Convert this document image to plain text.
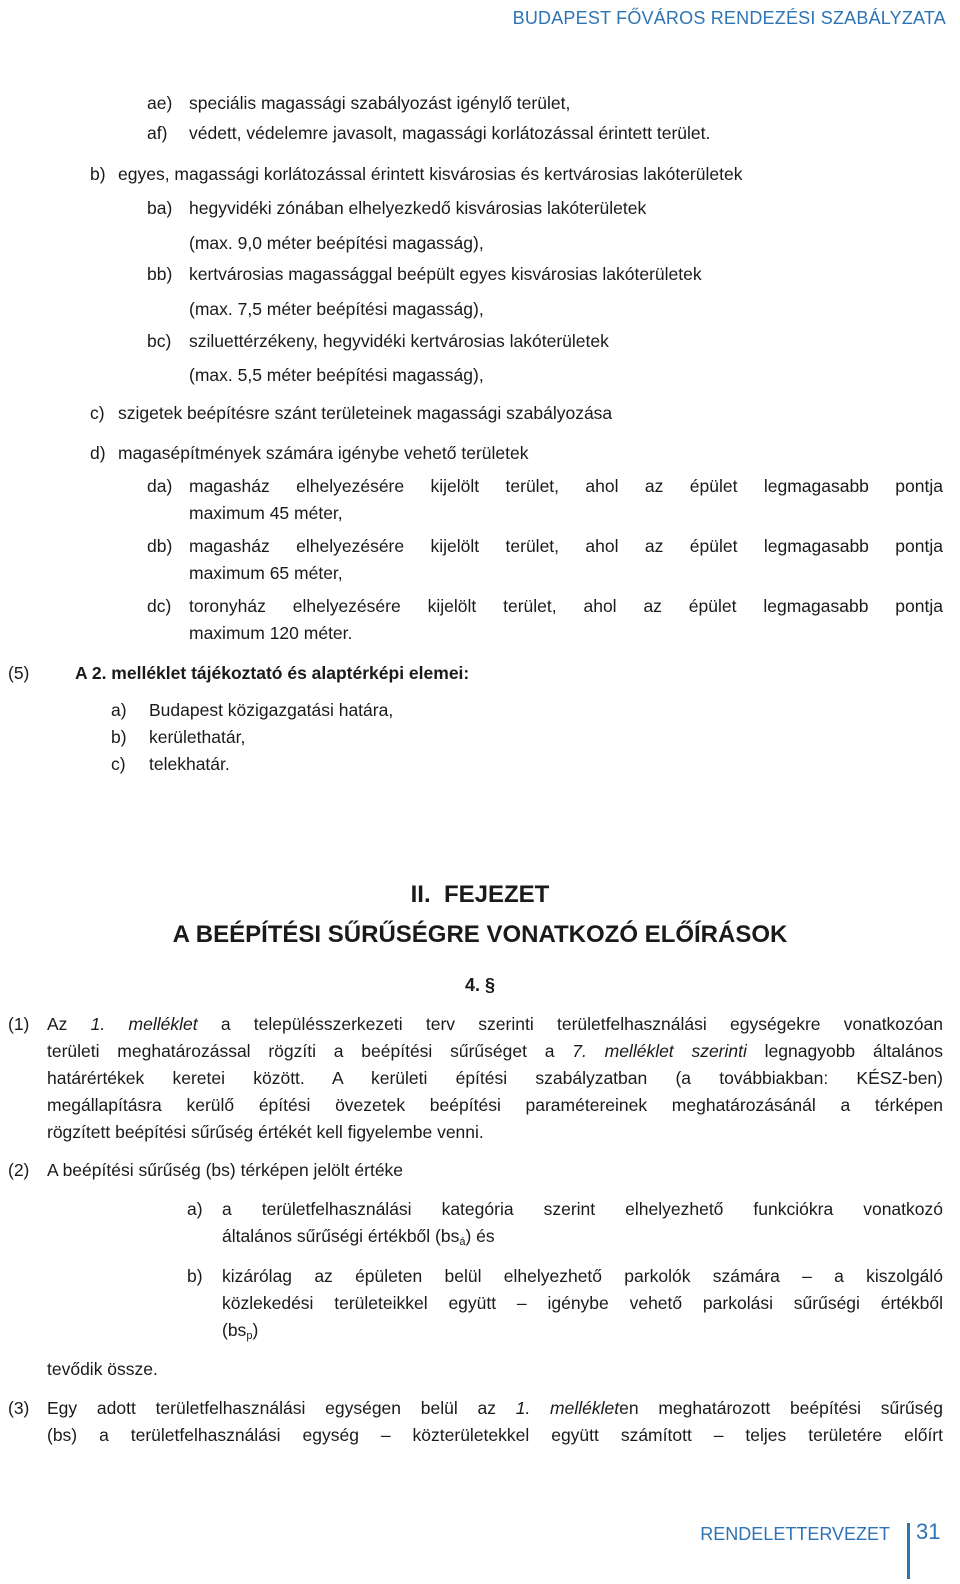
BUDAPEST FŐVÁROS RENDEZÉSI SZABÁLYZATA
ae) speciális magassági szabályozást igénylő terület,
af) védett, védelemre javasolt, magassági korlátozással érintett terület.
b) egyes, magassági korlátozással érintett kisvárosias és kertvárosias lakóterületek
ba) hegyvidéki zónában elhelyezkedő kisvárosias lakóterületek
(max. 9,0 méter beépítési magasság),
bb) kertvárosias magassággal beépült egyes kisvárosias lakóterületek
(max. 7,5 méter beépítési magasság),
bc) sziluettérzékeny, hegyvidéki kertvárosias lakóterületek
(max. 5,5 méter beépítési magasság),
c) szigetek beépítésre szánt területeinek magassági szabályozása
d) magasépítmények számára igénybe vehető területek
da) magasház elhelyezésére kijelölt terület, ahol az épület legmagasabb pontja
maximum 45 méter,
db) magasház elhelyezésére kijelölt terület, ahol az épület legmagasabb pontja
maximum 65 méter,
dc) toronyház elhelyezésére kijelölt terület, ahol az épület legmagasabb pontja
maximum 120 méter.
(5)	A 2. melléklet tájékoztató és alaptérképi elemei:
a) Budapest közigazgatási határa,
b) kerülethatár,
c) telekhatár.
II.  FEJEZET
A BEÉPÍTÉSI SŰRŰSÉGRE VONATKOZÓ ELŐÍRÁSOK
4. §
(1) Az 1. melléklet a településszerkezeti terv szerinti területfelhasználási egységekre vonatkozóan
területi meghatározással rögzíti a beépítési sűrűséget a 7. melléklet szerinti legnagyobb általános
határértékek keretei között. A kerületi építési szabályzatban (a továbbiakban: KÉSZ-ben)
megállapításra kerülő építési övezetek beépítési paramétereinek meghatározásánál a térképen
rögzített beépítési sűrűség értékét kell figyelembe venni.
(2) A beépítési sűrűség (bs) térképen jelölt értéke
a) a területfelhasználási kategória szerint elhelyezhető funkciókra vonatkozó
általános sűrűségi értékből $(bs_á)$ és
b) kizárólag az épületen belül elhelyezhető parkolók számára – a kiszolgáló
közlekedési területeikkel együtt – igénybe vehető parkolási sűrűségi értékből
$(bs_p)$
tevődik össze.
(3) Egy adott területfelhasználási egységen belül az 1. mellékleten meghatározott beépítési sűrűség
(bs) a területfelhasználási egység – közterületekkel együtt számított – teljes területére előírt
RENDELETTERVEZET 31
